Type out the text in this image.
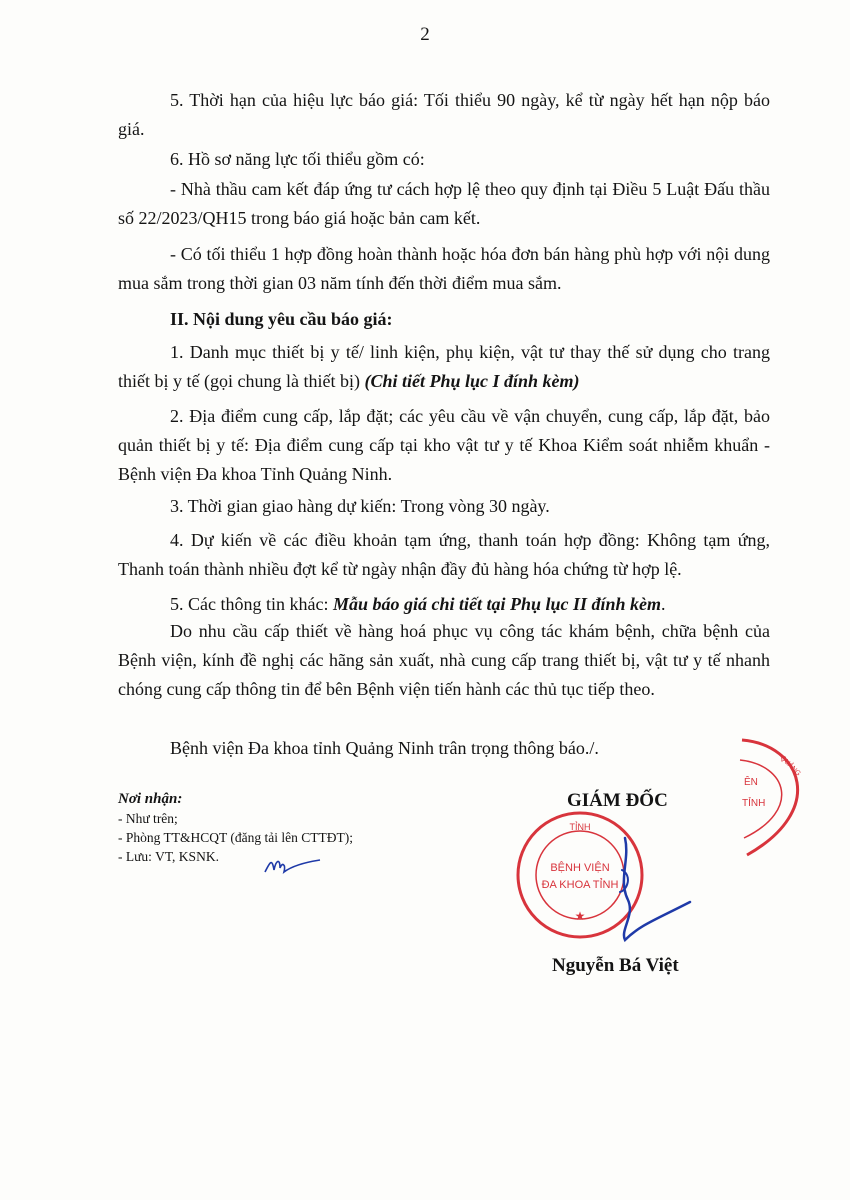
2

5. Thời hạn của hiệu lực báo giá: Tối thiểu 90 ngày, kể từ ngày hết hạn nộp báo giá.

6. Hồ sơ năng lực tối thiểu gồm có:

- Nhà thầu cam kết đáp ứng tư cách hợp lệ theo quy định tại Điều 5 Luật Đấu thầu số 22/2023/QH15 trong báo giá hoặc bản cam kết.

- Có tối thiểu 1 hợp đồng hoàn thành hoặc hóa đơn bán hàng phù hợp với nội dung mua sắm trong thời gian 03 năm tính đến thời điểm mua sắm.

II. Nội dung yêu cầu báo giá:

1. Danh mục thiết bị y tế/ linh kiện, phụ kiện, vật tư thay thế sử dụng cho trang thiết bị y tế (gọi chung là thiết bị) (Chi tiết Phụ lục I đính kèm)

2. Địa điểm cung cấp, lắp đặt; các yêu cầu về vận chuyển, cung cấp, lắp đặt, bảo quản thiết bị y tế: Địa điểm cung cấp tại kho vật tư y tế Khoa Kiểm soát nhiễm khuẩn - Bệnh viện Đa khoa Tỉnh Quảng Ninh.

3. Thời gian giao hàng dự kiến: Trong vòng 30 ngày.

4. Dự kiến về các điều khoản tạm ứng, thanh toán hợp đồng: Không tạm ứng, Thanh toán thành nhiều đợt kể từ ngày nhận đầy đủ hàng hóa chứng từ hợp lệ.

5. Các thông tin khác: Mẫu báo giá chi tiết tại Phụ lục II đính kèm.

Do nhu cầu cấp thiết về hàng hoá phục vụ công tác khám bệnh, chữa bệnh của Bệnh viện, kính đề nghị các hãng sản xuất, nhà cung cấp trang thiết bị, vật tư y tế nhanh chóng cung cấp thông tin để bên Bệnh viện tiến hành các thủ tục tiếp theo.

Bệnh viện Đa khoa tỉnh Quảng Ninh trân trọng thông báo./.

Nơi nhận:
- Như trên;
- Phòng TT&HCQT (đăng tải lên CTTĐT);
- Lưu: VT, KSNK.
GIÁM ĐỐC
TỈNH
BỆNH VIỆN
ĐA KHOA TỈNH
★
ÊN
TỈNH
QUẢNG
Nguyễn Bá Việt
